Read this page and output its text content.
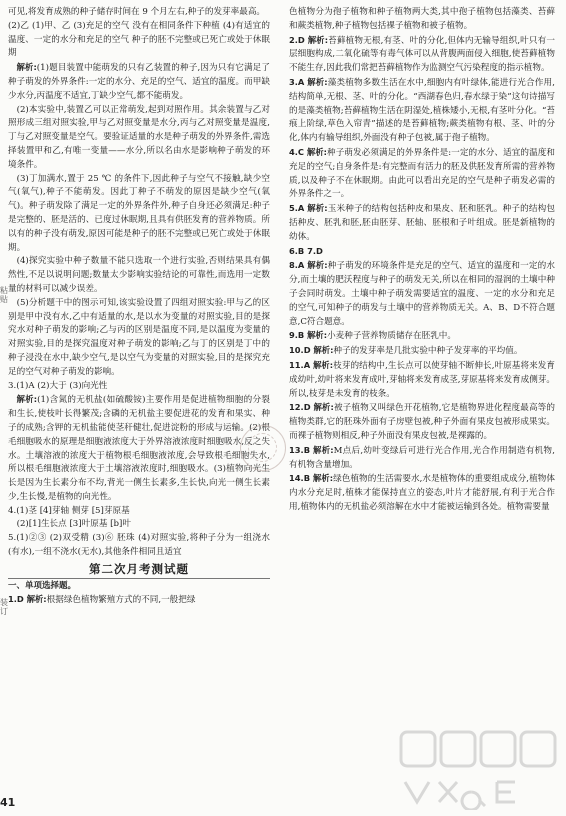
可见,将发育成熟的种子储存时间在 9 个月左右,种子的发芽率最高。

(2)乙 (1)甲、乙 (3)充足的空气 没有在相同条件下种植 (4)有适宜的温度、一定的水分和充足的空气 种子的胚不完整或已死亡或处于休眠期

解析:(1)题目装置中能萌发的只有乙装置的种子,因为只有它满足了种子萌发的外界条件:一定的水分、充足的空气、适宜的温度。而甲缺少水分,丙温度不适宜,丁缺少空气,都不能萌发。

(2)本实验中,装置乙可以正常萌发,起到对照作用。其余装置与乙对照形成三组对照实验,甲与乙对照变量是水分,丙与乙对照变量是温度,丁与乙对照变量是空气。要验证适量的水是种子萌发的外界条件,需选择装置甲和乙,有唯一变量——水分,所以名由水是影响种子萌发的环境条件。

(3)丁加满水,置于 25 ℃ 的条件下,因此种子与空气不接触,缺少空气(氧气),种子不能萌发。因此丁种子不萌发的原因是缺少空气(氧气)。种子萌发除了满足一定的外界条件外,种子自身还必须满足:种子是完整的、胚是活的、已度过休眠期,且具有供胚发育的营养物质。所以有的种子没有萌发,原因可能是种子的胚不完整或已死亡或处于休眠期。

(4)探究实验中种子数量不能只选取一个进行实验,否则结果具有偶然性,不足以说明问题;数量太少影响实验结论的可靠性,而选用一定数量的材料可以减少误差。

(5)分析题干中的图示可知,该实验设置了四组对照实验:甲与乙的区别是甲中没有水,乙中有适量的水,是以水为变量的对照实验,目的是探究水对种子萌发的影响;乙与丙的区别是温度不同,是以温度为变量的对照实验,目的是探究温度对种子萌发的影响;乙与丁的区别是丁中的种子浸没在水中,缺少空气,是以空气为变量的对照实验,目的是探究充足的空气对种子萌发的影响。

3.(1)A (2)大于 (3)向光性

解析:(1)含氮的无机盐(如硫酸铵)主要作用是促进植物细胞的分裂和生长,使枝叶长得繁茂;含磷的无机盐主要促进花的发育和果实、种子的成熟;含钾的无机盐能使茎秆健壮,促进淀粉的形成与运输。(2)根毛细胞吸水的原理是细胞液浓度大于外界溶液浓度时细胞吸水,反之失水。土壤溶液的浓度大于植物根毛细胞液浓度,会导致根毛细胞失水,所以根毛细胞液浓度大于土壤溶液浓度时,细胞吸水。(3)植物向光生长是因为生长素分布不均,背光一侧生长素多,生长快,向光一侧生长素少,生长慢,是植物的向光性。

4.(1)茎 [4]芽轴 侧芽 [5]芽原基

(2)[1]生长点 [3]叶原基 [b]叶

5.(1)②③ (2)双受精 (3)⑥ 胚珠 (4)对照实验,将种子分为一组浇水(有水),一组不浇水(无水),其他条件相同且适宜

第二次月考测试题
一、单项选择题。

1.D 解析:根据绿色植物繁殖方式的不同,一般把绿

色植物分为孢子植物和种子植物两大类,其中孢子植物包括藻类、苔藓和蕨类植物,种子植物包括裸子植物和被子植物。

2.D 解析:苔藓植物无根,有茎、叶的分化,但体内无输导组织,叶只有一层细胞构成,二氧化硫等有毒气体可以从背腹两面侵入细胞,使苔藓植物不能生存,因此我们常把苔藓植物作为监测空气污染程度的指示植物。

3.A 解析:藻类植物多数生活在水中,细胞内有叶绿体,能进行光合作用,结构简单,无根、茎、叶的分化。“西湖春色归,春水绿于染”这句诗描写的是藻类植物;苔藓植物生活在阴湿处,植株矮小,无根,有茎叶分化。“苔痕上阶绿,草色入帘青”描述的是苔藓植物;蕨类植物有根、茎、叶的分化,体内有输导组织,外面没有种子包被,属于孢子植物。

4.C 解析:种子萌发必须满足的外界条件是:一定的水分、适宜的温度和充足的空气;自身条件是:有完整而有活力的胚及供胚发育所需的营养物质,以及种子不在休眠期。由此可以看出充足的空气是种子萌发必需的外界条件之一。

5.A 解析:玉米种子的结构包括种皮和果皮、胚和胚乳。种子的结构包括种皮、胚乳和胚,胚由胚芽、胚轴、胚根和子叶组成。胚是新植物的幼体。

6.B 7.D

8.A 解析:种子萌发的环境条件是充足的空气、适宜的温度和一定的水分,而土壤的肥沃程度与种子的萌发无关,所以在相同的湿润的土壤中种子会同时萌发。土壤中种子萌发需要适宜的温度、一定的水分和充足的空气,可知种子的萌发与土壤中的营养物质无关。A、B、D不符合题意,C符合题意。

9.B 解析:小麦种子营养物质储存在胚乳中。

10.D 解析:种子的发芽率是几批实验中种子发芽率的平均值。

11.A 解析:枝芽的结构中,生长点可以使芽轴不断伸长,叶原基将来发育成幼叶,幼叶将来发育成叶,芽轴将来发育成茎,芽原基将来发育成侧芽。所以,枝芽是未发育的枝条。

12.D 解析:被子植物又叫绿色开花植物,它是植物界进化程度最高等的植物类群,它的胚珠外面有子房壁包被,种子外面有果皮包被形成果实。而裸子植物则相反,种子外面没有果皮包被,是裸露的。

13.B 解析:M点后,幼叶变绿后可进行光合作用,光合作用制造有机物,有机物含量增加。

14.B 解析:绿色植物的生活需要水,水是植物体的重要组成成分,植物体内水分充足时,植株才能保持直立的姿态,叶片才能舒展,有利于光合作用,植物体内的无机盐必须溶解在水中才能被运输到各处。植物需要量

粘贴
装订
41
